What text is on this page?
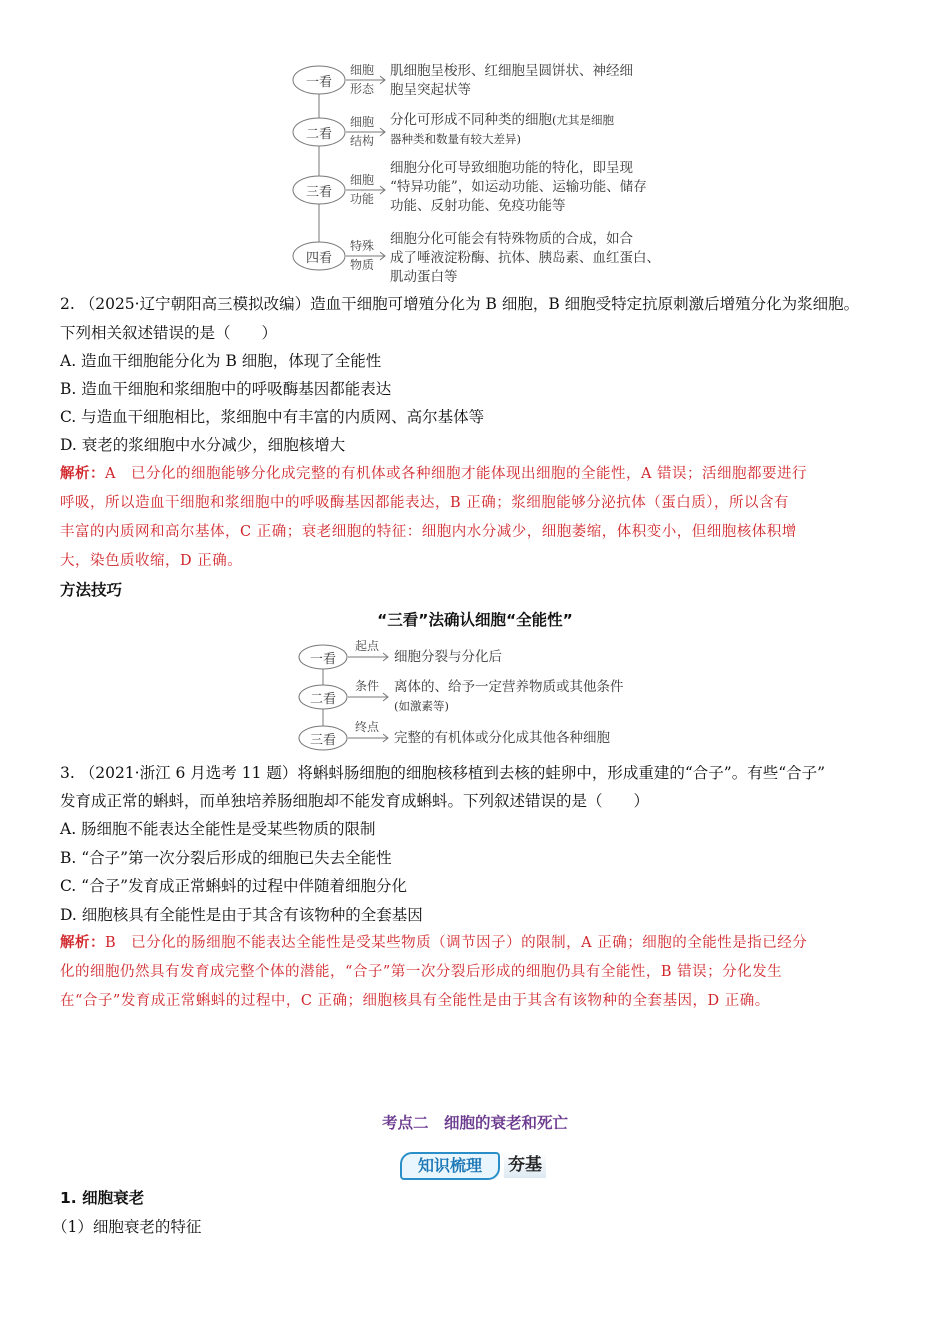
一看
二看
三看
四看
细胞
形态
细胞
结构
细胞
功能
特殊
物质
肌细胞呈梭形、红细胞呈圆饼状、神经细
胞呈突起状等
分化可形成不同种类的细胞(尤其是细胞
器种类和数量有较大差异)
细胞分化可导致细胞功能的特化，即呈现
“特异功能”，如运动功能、运输功能、储存
功能、反射功能、免疫功能等
细胞分化可能会有特殊物质的合成，如合
成了唾液淀粉酶、抗体、胰岛素、血红蛋白、
肌动蛋白等
2. （2025·辽宁朝阳高三模拟改编）造血干细胞可增殖分化为 B 细胞，B 细胞受特定抗原刺激后增殖分化为浆细胞。
下列相关叙述错误的是（　　）
A. 造血干细胞能分化为 B 细胞，体现了全能性
B. 造血干细胞和浆细胞中的呼吸酶基因都能表达
C. 与造血干细胞相比，浆细胞中有丰富的内质网、高尔基体等
D. 衰老的浆细胞中水分减少，细胞核增大
解析：A　已分化的细胞能够分化成完整的有机体或各种细胞才能体现出细胞的全能性，A 错误；活细胞都要进行
呼吸，所以造血干细胞和浆细胞中的呼吸酶基因都能表达，B 正确；浆细胞能够分泌抗体（蛋白质），所以含有
丰富的内质网和高尔基体，C 正确；衰老细胞的特征：细胞内水分减少，细胞萎缩，体积变小，但细胞核体积增
大，染色质收缩，D 正确。
方法技巧
“三看”法确认细胞“全能性”
一看
二看
三看
起点
条件
终点
细胞分裂与分化后
离体的、给予一定营养物质或其他条件
(如激素等)
完整的有机体或分化成其他各种细胞
3. （2021·浙江 6 月选考 11 题）将蝌蚪肠细胞的细胞核移植到去核的蛙卵中，形成重建的“合子”。有些“合子”
发育成正常的蝌蚪，而单独培养肠细胞却不能发育成蝌蚪。下列叙述错误的是（　　）
A. 肠细胞不能表达全能性是受某些物质的限制
B. “合子”第一次分裂后形成的细胞已失去全能性
C. “合子”发育成正常蝌蚪的过程中伴随着细胞分化
D. 细胞核具有全能性是由于其含有该物种的全套基因
解析：B　已分化的肠细胞不能表达全能性是受某些物质（调节因子）的限制，A 正确；细胞的全能性是指已经分
化的细胞仍然具有发育成完整个体的潜能，“合子”第一次分裂后形成的细胞仍具有全能性，B 错误；分化发生
在“合子”发育成正常蝌蚪的过程中，C 正确；细胞核具有全能性是由于其含有该物种的全套基因，D 正确。
考点二　细胞的衰老和死亡
知识梳理	夯基
1. 细胞衰老
（1）细胞衰老的特征
